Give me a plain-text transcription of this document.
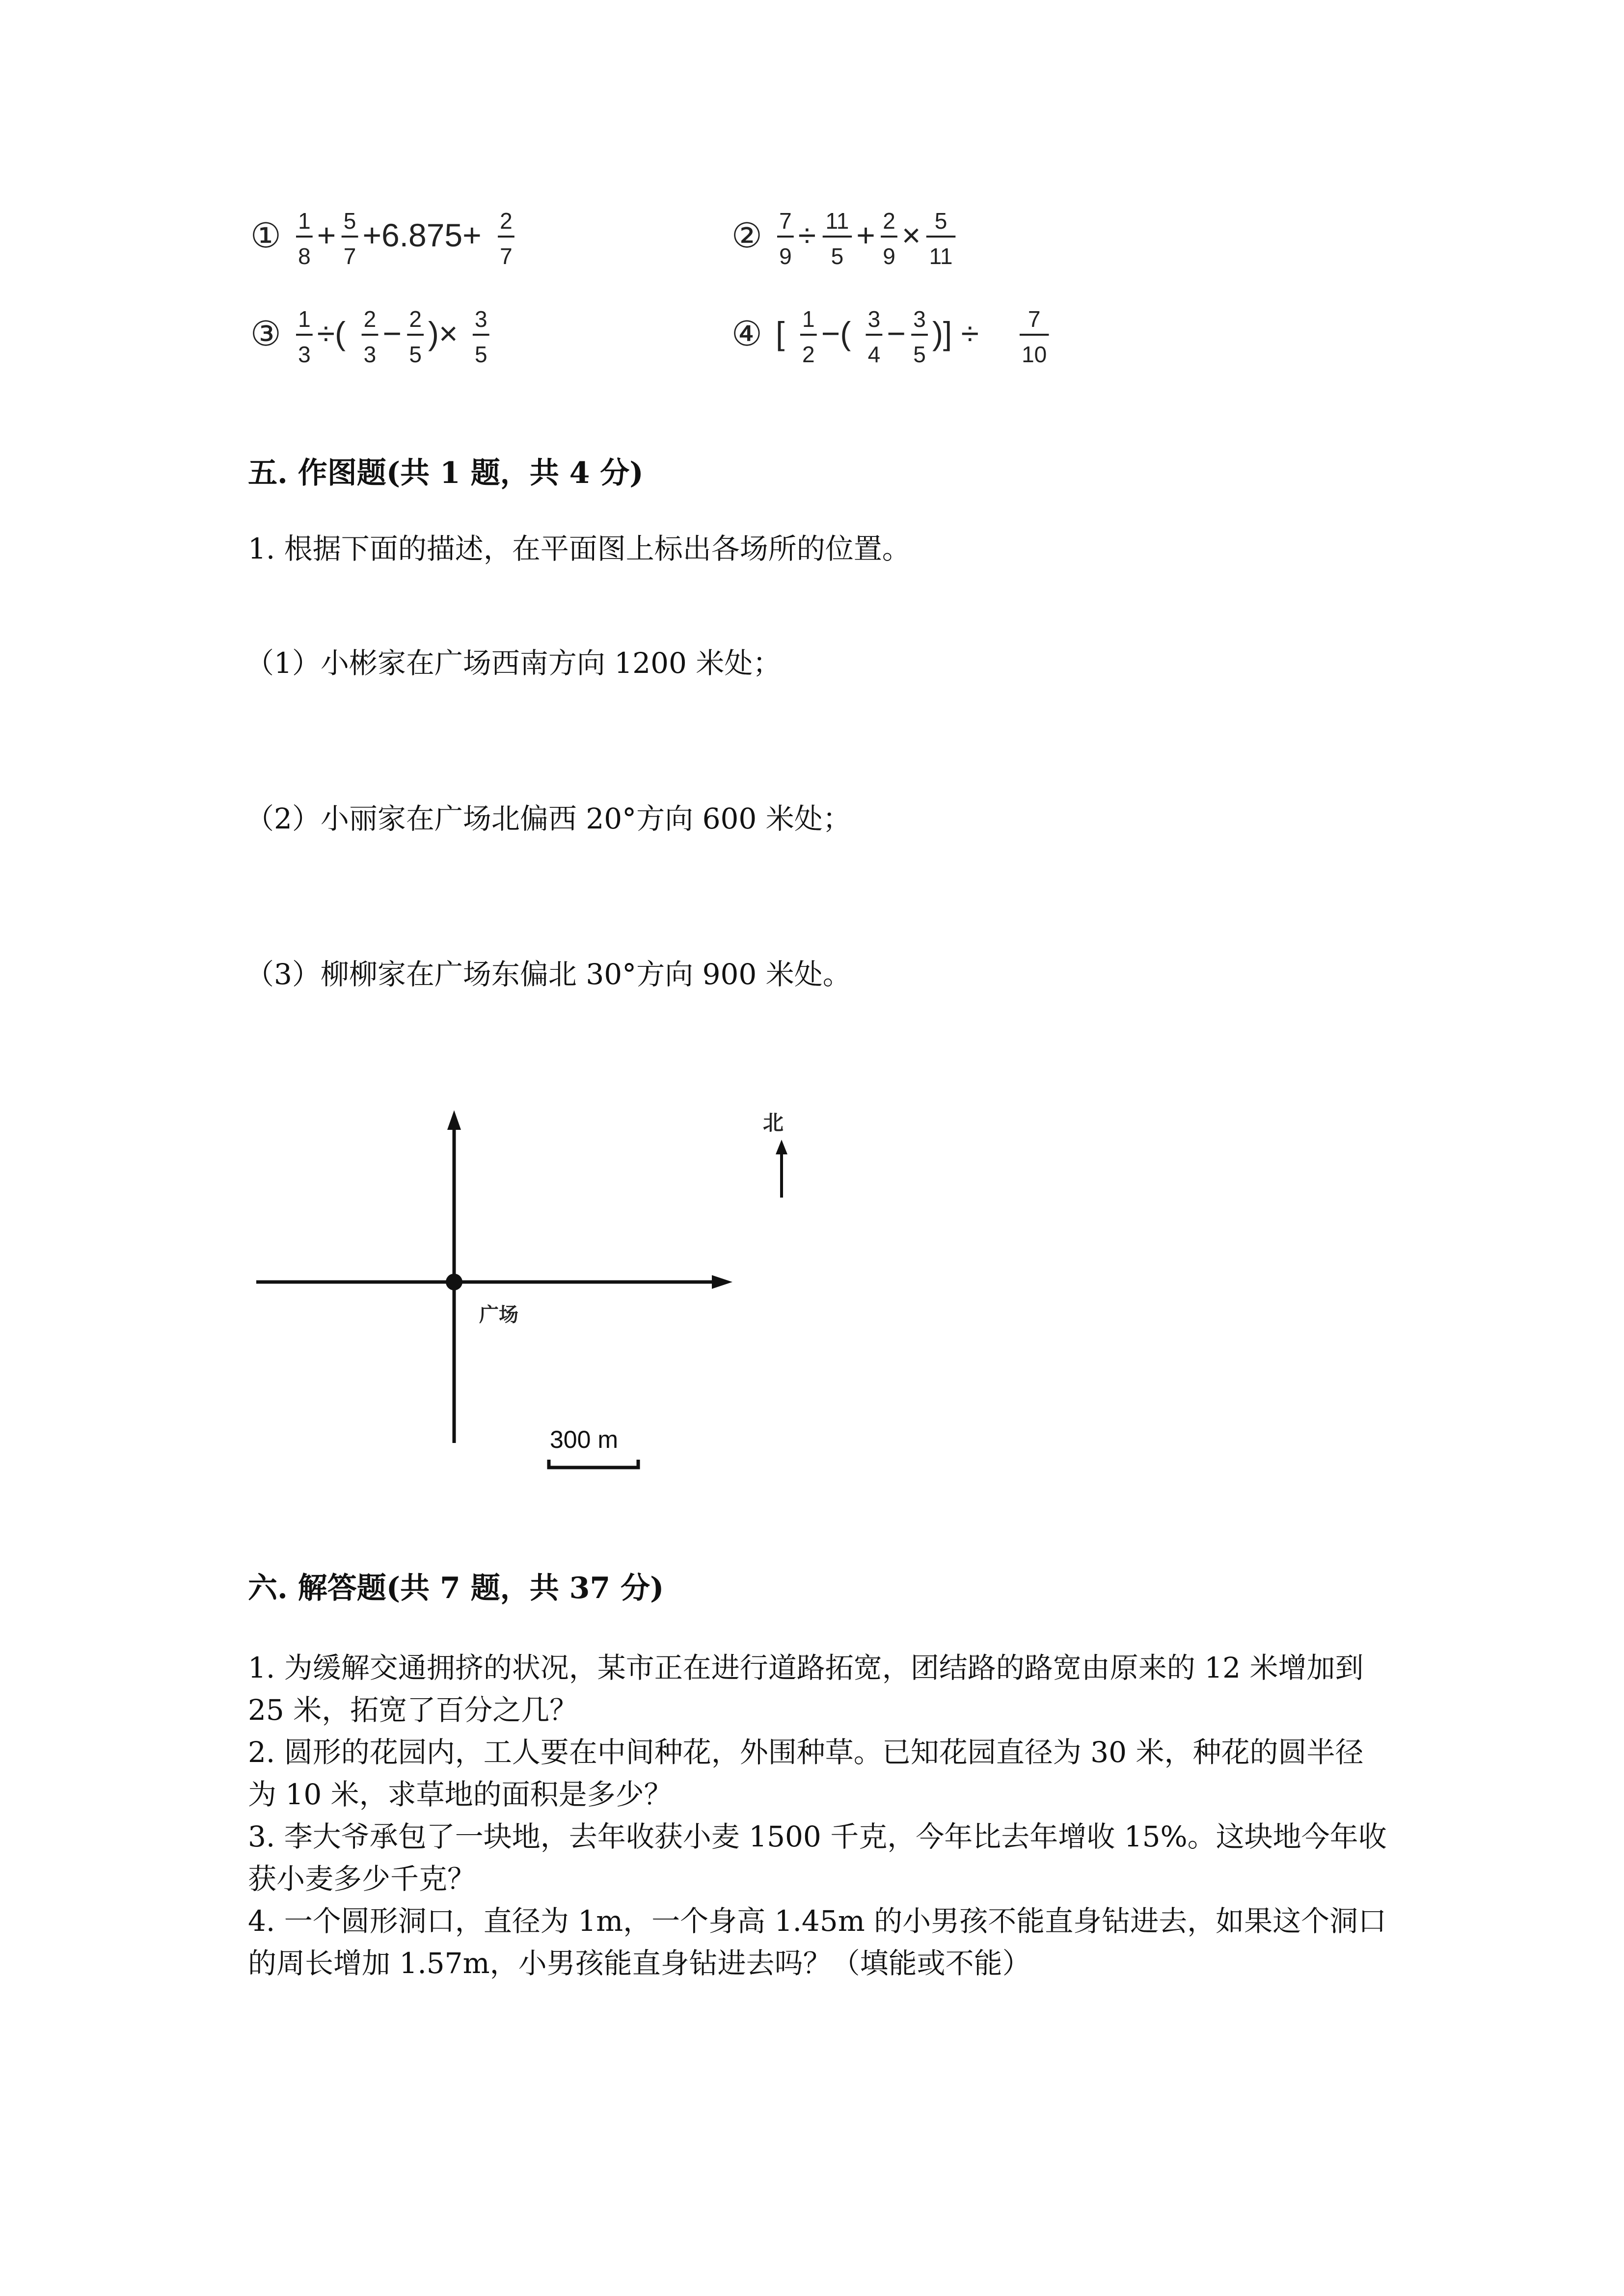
① 1
8
+ 5
7
+6.875+ 2
7
② 7
9
÷ 11
5
+ 2
9
× 5
11
③ 1
3
÷( 2
3
− 2
5
)× 3
5
④ [ 1
2
−( 3
4
− 3
5
)] ÷ 7
10
五. 作图题(共 1 题，共 4 分)
1. 根据下面的描述，在平面图上标出各场所的位置。
（1）小彬家在广场西南方向 1200 米处；
（2）小丽家在广场北偏西 20°方向 600 米处；
（3）柳柳家在广场东偏北 30°方向 900 米处。
广场
北
300 m
六. 解答题(共 7 题，共 37 分)
1. 为缓解交通拥挤的状况，某市正在进行道路拓宽，团结路的路宽由原来的 12 米增加到 25 米，拓宽了百分之几？
2. 圆形的花园内，工人要在中间种花，外围种草。已知花园直径为 30 米，种花的圆半径为 10 米，求草地的面积是多少？
3. 李大爷承包了一块地，去年收获小麦 1500 千克，今年比去年增收 15%。这块地今年收获小麦多少千克？
4. 一个圆形洞口，直径为 1m，一个身高 1.45m 的小男孩不能直身钻进去，如果这个洞口的周长增加 1.57m，小男孩能直身钻进去吗？（填能或不能）
